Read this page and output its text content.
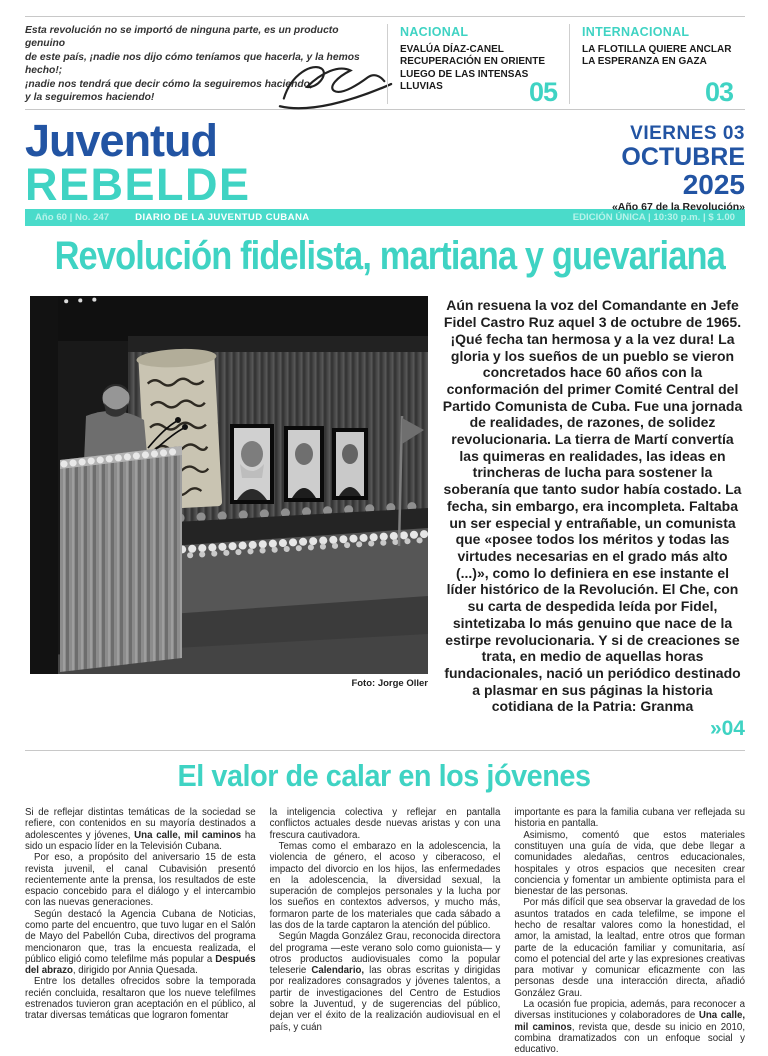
Esta revolución no se importó de ninguna parte, es un producto genuino
de este país, ¡nadie nos dijo cómo teníamos que hacerla, y la hemos hecho!;
¡nadie nos tendrá que decir cómo la seguiremos haciendo,
y la seguiremos haciendo!
NACIONAL
EVALÚA DÍAZ-CANEL RECUPERACIÓN EN ORIENTE LUEGO DE LAS INTENSAS LLUVIAS	05
INTERNACIONAL
LA FLOTILLA QUIERE ANCLAR LA ESPERANZA EN GAZA
03
Juventud
REBELDE
VIERNES 03
OCTUBRE
2025
«Año 67 de la Revolución»
Año 60 | No. 247	DIARIO DE LA JUVENTUD CUBANA	EDICIÓN ÚNICA | 10:30 p.m. | $ 1.00
Revolución fidelista, martiana y guevariana
Foto: Jorge Oller

Aún resuena la voz del Comandante en Jefe Fidel Castro Ruz aquel 3 de octubre de 1965. ¡Qué fecha tan hermosa y a la vez dura! La gloria y los sueños de un pueblo se vieron concretados hace 60 años con la conformación del primer Comité Central del Partido Comunista de Cuba. Fue una jornada de realidades, de razones, de solidez revolucionaria. La tierra de Martí convertía las quimeras en realidades, las ideas en trincheras de lucha para sostener la soberanía que tanto sudor había costado. La fecha, sin embargo, era incompleta. Faltaba un ser especial y entrañable, un comunista que «posee todos los méritos y todas las virtudes necesarias en el grado más alto (...)», como lo definiera en ese instante el líder histórico de la Revolución. El Che, con su carta de despedida leída por Fidel, sintetizaba lo más genuino que nace de la estirpe revolucionaria. Y si de creaciones se trata, en medio de aquellas horas fundacionales, nació un periódico destinado a plasmar en sus páginas la historia cotidiana de la Patria: Granma

»04
El valor de calar en los jóvenes

Si de reflejar distintas temáticas de la sociedad se refiere, con contenidos en su mayoría destinados a adolescentes y jóvenes, Una calle, mil caminos ha sido un espacio líder en la Televisión Cubana.

Por eso, a propósito del aniversario 15 de esta revista juvenil, el canal Cubavisión presentó recientemente ante la prensa, los resultados de este espacio concebido para el diálogo y el intercambio con las nuevas generaciones.

Según destacó la Agencia Cubana de Noticias, como parte del encuentro, que tuvo lugar en el Salón de Mayo del Pabellón Cuba, directivos del programa mencionaron que, tras la encuesta realizada, el público eligió como telefilme más popular a Después del abrazo, dirigido por Annia Quesada.

Entre los detalles ofrecidos sobre la temporada recién concluida, resaltaron que los nueve telefilmes estrenados tuvieron gran aceptación en el público, al tratar diversas temáticas que lograron fomentar

la inteligencia colectiva y reflejar en pantalla conflictos actuales desde nuevas aristas y con una frescura cautivadora.

Temas como el embarazo en la adolescencia, la violencia de género, el acoso y ciberacoso, el impacto del divorcio en los hijos, las enfermedades en la adolescencia, la diversidad sexual, la superación de complejos personales y la lucha por los sueños en contextos adversos, y mucho más, formaron parte de los materiales que cada sábado a las dos de la tarde captaron la atención del público.

Según Magda González Grau, reconocida directora del programa —este verano solo como guionista— y otros productos audiovisuales como la popular teleserie Calendario, las obras escritas y dirigidas por realizadores consagrados y jóvenes talentos, a partir de investigaciones del Centro de Estudios sobre la Juventud, y de sugerencias del público, dejan ver el éxito de la realización audiovisual en el país, y cuán

importante es para la familia cubana ver reflejada su historia en pantalla.

Asimismo, comentó que estos materiales constituyen una guía de vida, que debe llegar a comunidades aledañas, centros educacionales, hospitales y otros espacios que necesiten crear conciencia y fomentar un ambiente optimista para el bienestar de las personas.

Por más difícil que sea observar la gravedad de los asuntos tratados en cada telefilme, se impone el hecho de resaltar valores como la honestidad, el amor, la amistad, la lealtad, entre otros que forman parte de la educación familiar y comunitaria, así como el potencial del arte y las expresiones creativas para motivar y comunicar eficazmente con las personas desde una interacción directa, añadió González Grau.

La ocasión fue propicia, además, para reconocer a diversas instituciones y colaboradores de Una calle, mil caminos, revista que, desde su inicio en 2010, combina dramatizados con un enfoque social y educativo.
